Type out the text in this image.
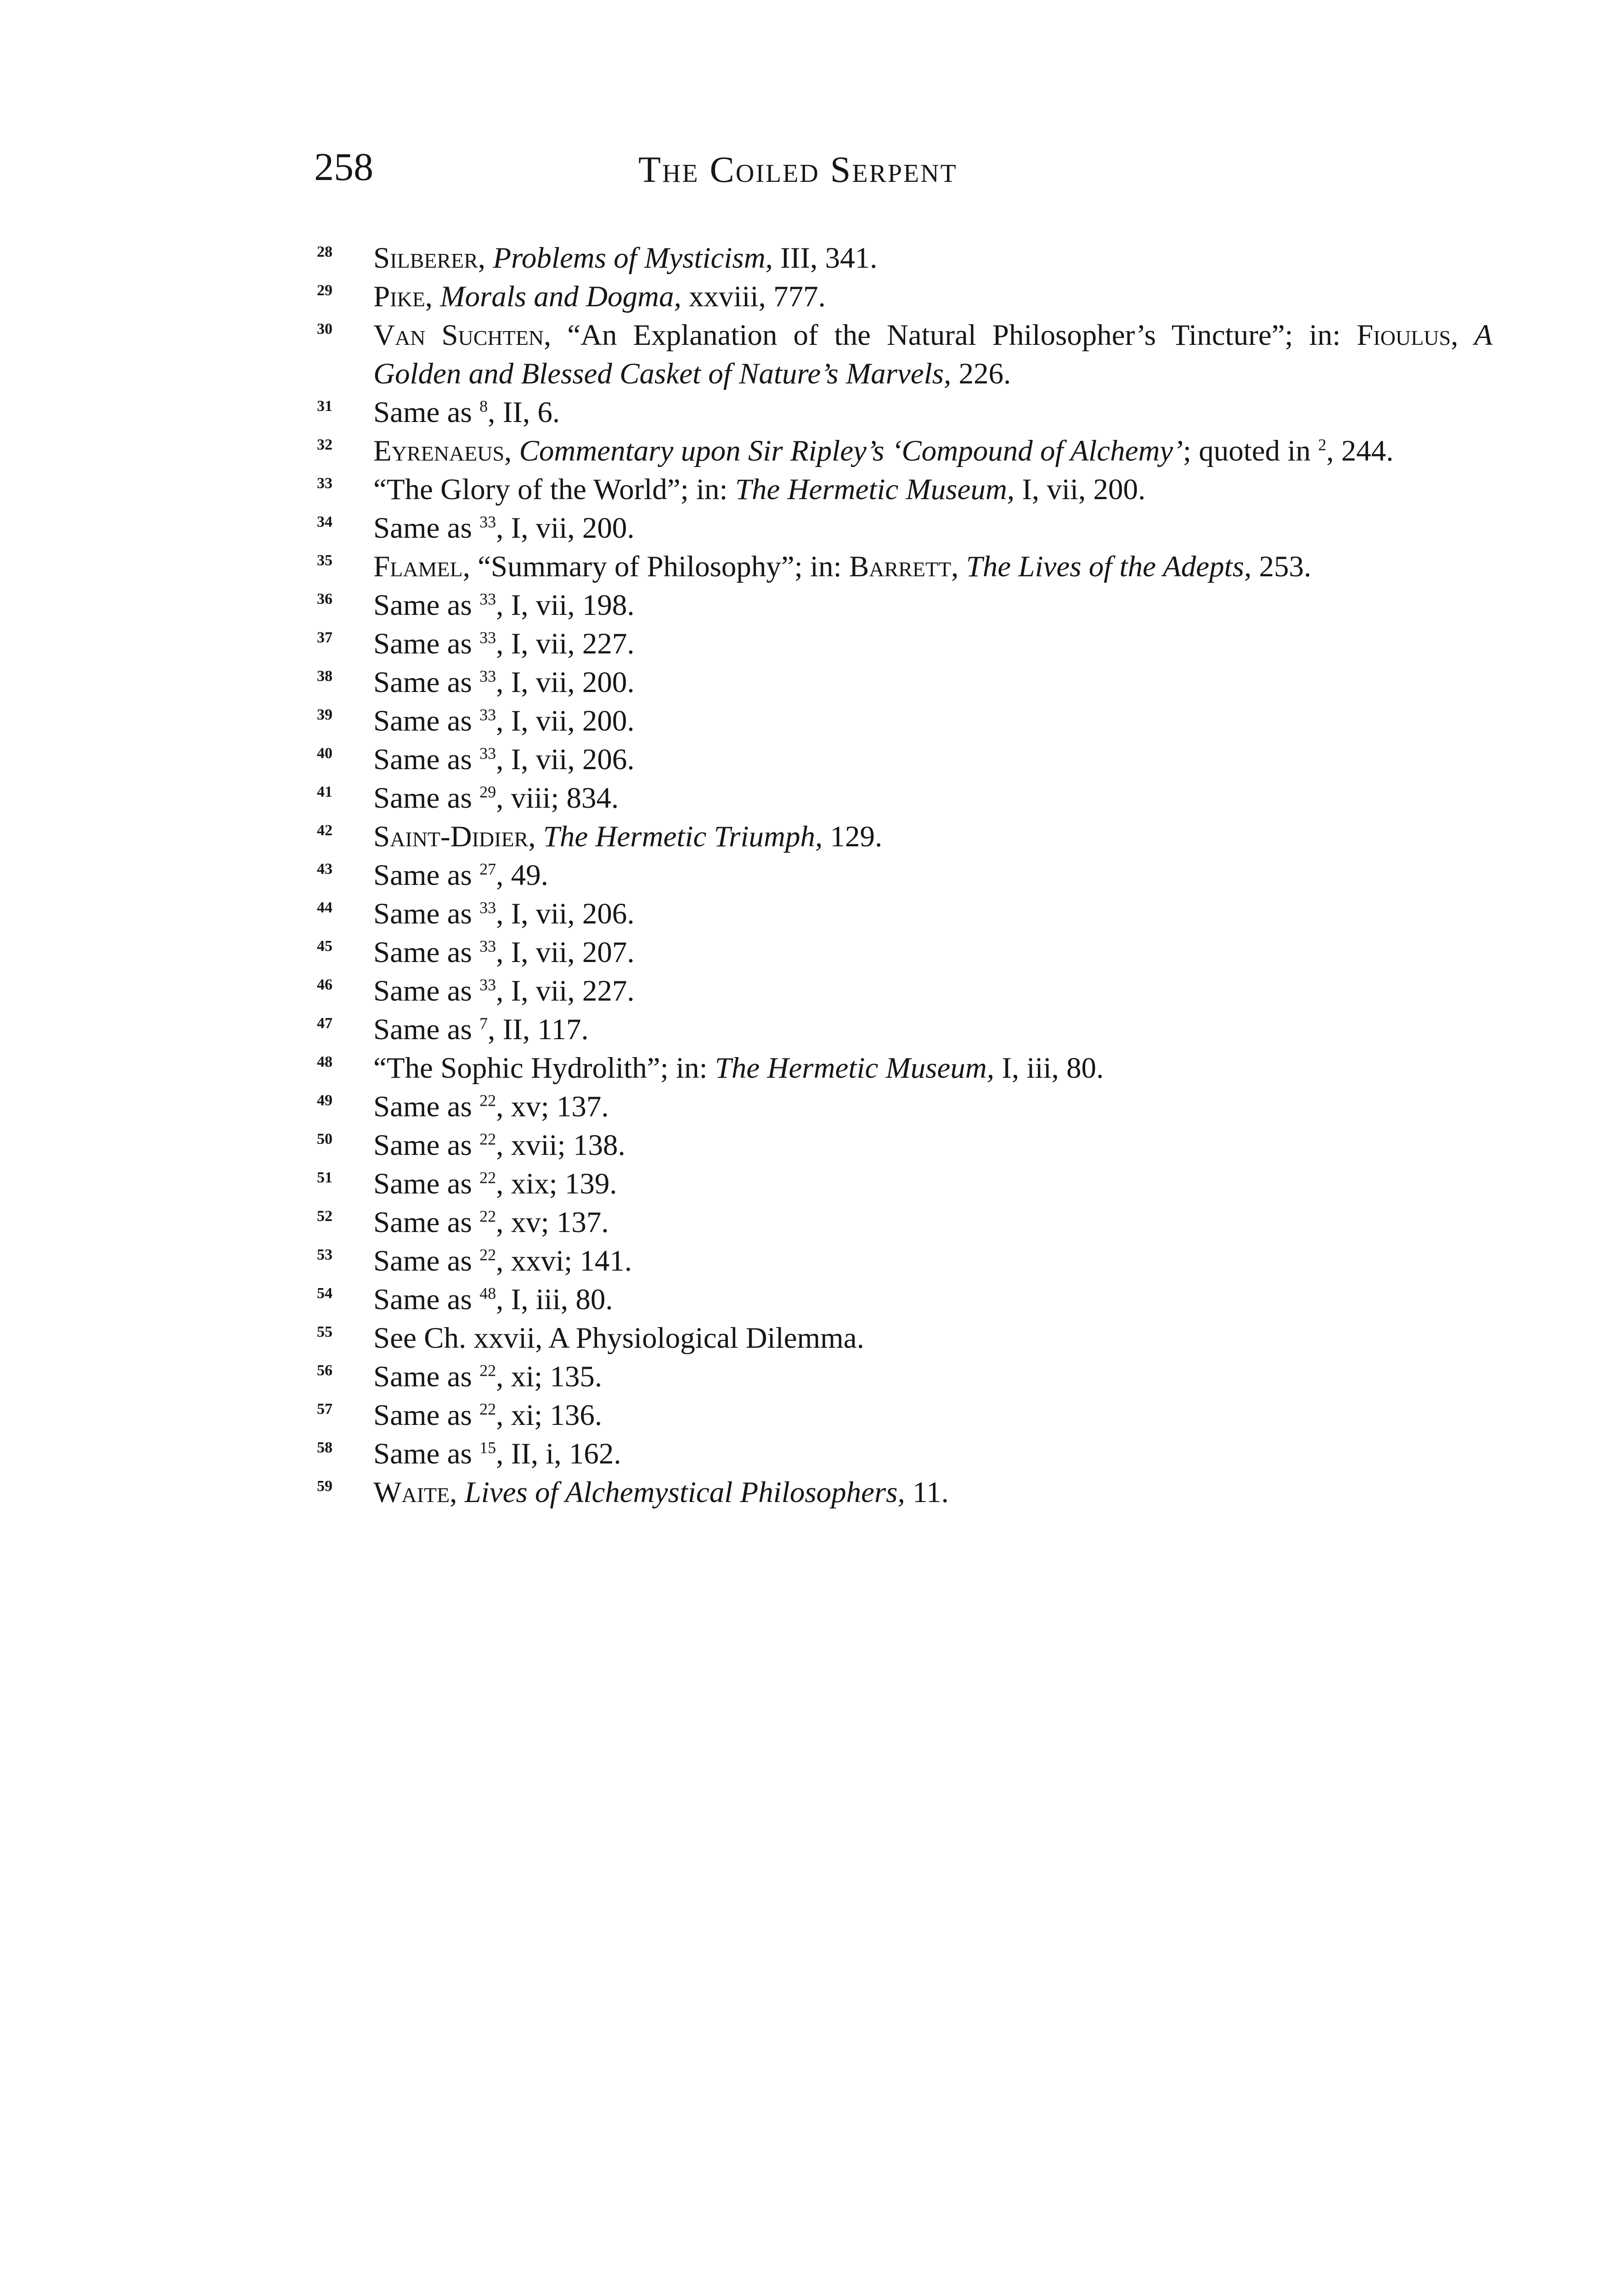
258	The Coiled Serpent
28 Silberer, Problems of Mysticism, III, 341.
29 Pike, Morals and Dogma, xxviii, 777.
30 Van Suchten, “An Explanation of the Natural Philosopher’s Tincture”; in: Fioulus, A Golden and Blessed Casket of Nature’s Marvels, 226.
31 Same as $^8$, II, 6.
32 Eyrenaeus, Commentary upon Sir Ripley’s ‘Compound of Alchemy’; quoted in $^2$, 244.
33 “The Glory of the World”; in: The Hermetic Museum, I, vii, 200.
34 Same as $^{33}$, I, vii, 200.
35 Flamel, “Summary of Philosophy”; in: Barrett, The Lives of the Adepts, 253.
36 Same as $^{33}$, I, vii, 198.
37 Same as $^{33}$, I, vii, 227.
38 Same as $^{33}$, I, vii, 200.
39 Same as $^{33}$, I, vii, 200.
40 Same as $^{33}$, I, vii, 206.
41 Same as $^{29}$, viii; 834.
42 Saint-Didier, The Hermetic Triumph, 129.
43 Same as $^{27}$, 49.
44 Same as $^{33}$, I, vii, 206.
45 Same as $^{33}$, I, vii, 207.
46 Same as $^{33}$, I, vii, 227.
47 Same as $^7$, II, 117.
48 “The Sophic Hydrolith”; in: The Hermetic Museum, I, iii, 80.
49 Same as $^{22}$, xv; 137.
50 Same as $^{22}$, xvii; 138.
51 Same as $^{22}$, xix; 139.
52 Same as $^{22}$, xv; 137.
53 Same as $^{22}$, xxvi; 141.
54 Same as $^{48}$, I, iii, 80.
55 See Ch. xxvii, A Physiological Dilemma.
56 Same as $^{22}$, xi; 135.
57 Same as $^{22}$, xi; 136.
58 Same as $^{15}$, II, i, 162.
59 Waite, Lives of Alchemystical Philosophers, 11.
